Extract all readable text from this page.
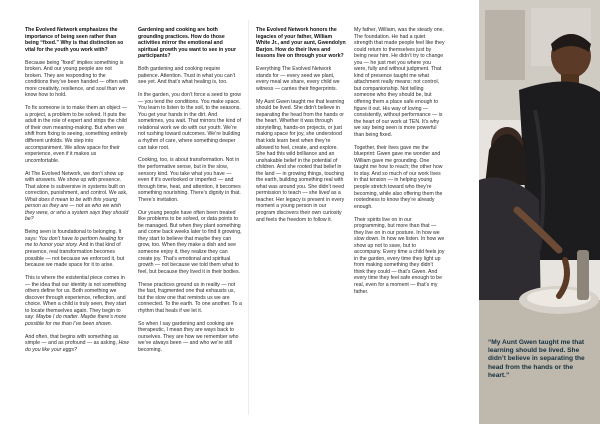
The Evolved Network emphasizes the importance of being seen rather than being “fixed.” Why is that distinction so vital for the youth you work with?

Because being “fixed” implies something is broken. And our young people are not broken. They are responding to the conditions they’ve been handed — often with more creativity, resilience, and soul than we know how to hold.

To fix someone is to make them an object — a project, a problem to be solved. It puts the adult in the role of expert and strips the child of their own meaning-making. But when we shift from fixing to seeing, something entirely different unfolds. We step into accompaniment. We allow space for their experience, even if it makes us uncomfortable.

At The Evolved Network, we don’t show up with answers. We show up with presence. That alone is subversive in systems built on correction, punishment, and control. We ask, What does it mean to be with this young person as they are — not as who we wish they were, or who a system says they should be?

Being seen is foundational to belonging. It says: You don’t have to perform healing for me to honor your story. And in that kind of presence, real transformation becomes possible — not because we enforced it, but because we made space for it to arise.

This is where the existential piece comes in — the idea that our identity is not something others define for us. Both something we discover through experience, reflection, and choice. When a child is truly seen, they start to locate themselves again. They begin to say: Maybe I do matter. Maybe there’s more possible for me than I’ve been shown.

And often, that begins with something as simple — and as profound — as asking, How do you like your eggs?

Gardening and cooking are both grounding practices. How do those activities mirror the emotional and spiritual growth you want to see in your participants?

Both gardening and cooking require patience. Attention. Trust in what you can’t see yet. And that’s what healing is, too.

In the garden, you don’t force a seed to grow — you tend the conditions. You make space. You learn to listen to the soil, to the seasons. You get your hands in the dirt. And sometimes, you wait. That mirrors the kind of relational work we do with our youth. We’re not rushing toward outcomes. We’re building a rhythm of care, where something deeper can take root.

Cooking, too, is about transformation. Not in the performative sense, but in the slow, sensory kind. You take what you have — even if it’s overlooked or imperfect — and through time, heat, and attention, it becomes something nourishing. There’s dignity in that. There’s invitation.

Our young people have often been treated like problems to be solved, or data points to be managed. But when they plant something and come back weeks later to find it growing, they start to believe that maybe they can grow, too. When they make a dish and see someone enjoy it, they realize they can create joy. That’s emotional and spiritual growth — not because we told them what to feel, but because they lived it in their bodies.

These practices ground us in reality — not the fast, fragmented one that exhausts us, but the slow one that reminds us we are connected. To the earth. To one another. To a rhythm that heals if we let it.

So when I say gardening and cooking are therapeutic, I mean they are ways back to ourselves. They are how we remember who we’ve always been — and who we’re still becoming.

The Evolved Network honors the legacies of your father, William White Jr., and your aunt, Gwendolyn Barjon. How do their lives and lessons live on through your work?

Everything The Evolved Network stands for — every seed we plant, every meal we share, every child we witness — carries their fingerprints.

My Aunt Gwen taught me that learning should be lived. She didn’t believe in separating the head from the hands or the heart. Whether it was through storytelling, hands-on projects, or just making space for joy, she understood that kids learn best when they’re allowed to feel, create, and explore. She had this wild brilliance and an unshakable belief in the potential of children. And she rooted that belief in the land — in growing things, touching the earth, building something real with what was around you. She didn’t need permission to teach — she lived as a teacher. Her legacy is present in every moment a young person in our program discovers their own curiosity and feels the freedom to follow it.

My father, William, was the steady one. The foundation. He had a quiet strength that made people feel like they could return to themselves just by being near him. He didn’t try to change you — he just met you where you were, fully and without judgment. That kind of presence taught me what attachment really means: not control, but companionship. Not telling someone who they should be, but offering them a place safe enough to figure it out. His way of loving — consistently, without performance — is the heart of our work at TEN. It’s why we say being seen is more powerful than being fixed.

Together, their lives gave me the blueprint: Gwen gave me wonder and William gave me grounding. One taught me how to reach; the other how to stay. And so much of our work lives in that tension — in helping young people stretch toward who they’re becoming, while also offering them the rootedness to know they’re already enough.

Their spirits live on in our programming, but more than that — they live on in our posture. In how we slow down. In how we listen. In how we show up not to save, but to accompany. Every time a child feels joy in the garden, every time they light up from making something they didn’t think they could — that’s Gwen. And every time they feel safe enough to be real, even for a moment — that’s my father.

“My Aunt Gwen taught me that learning should be lived. She didn’t believe in separating the head from the hands or the heart.”
